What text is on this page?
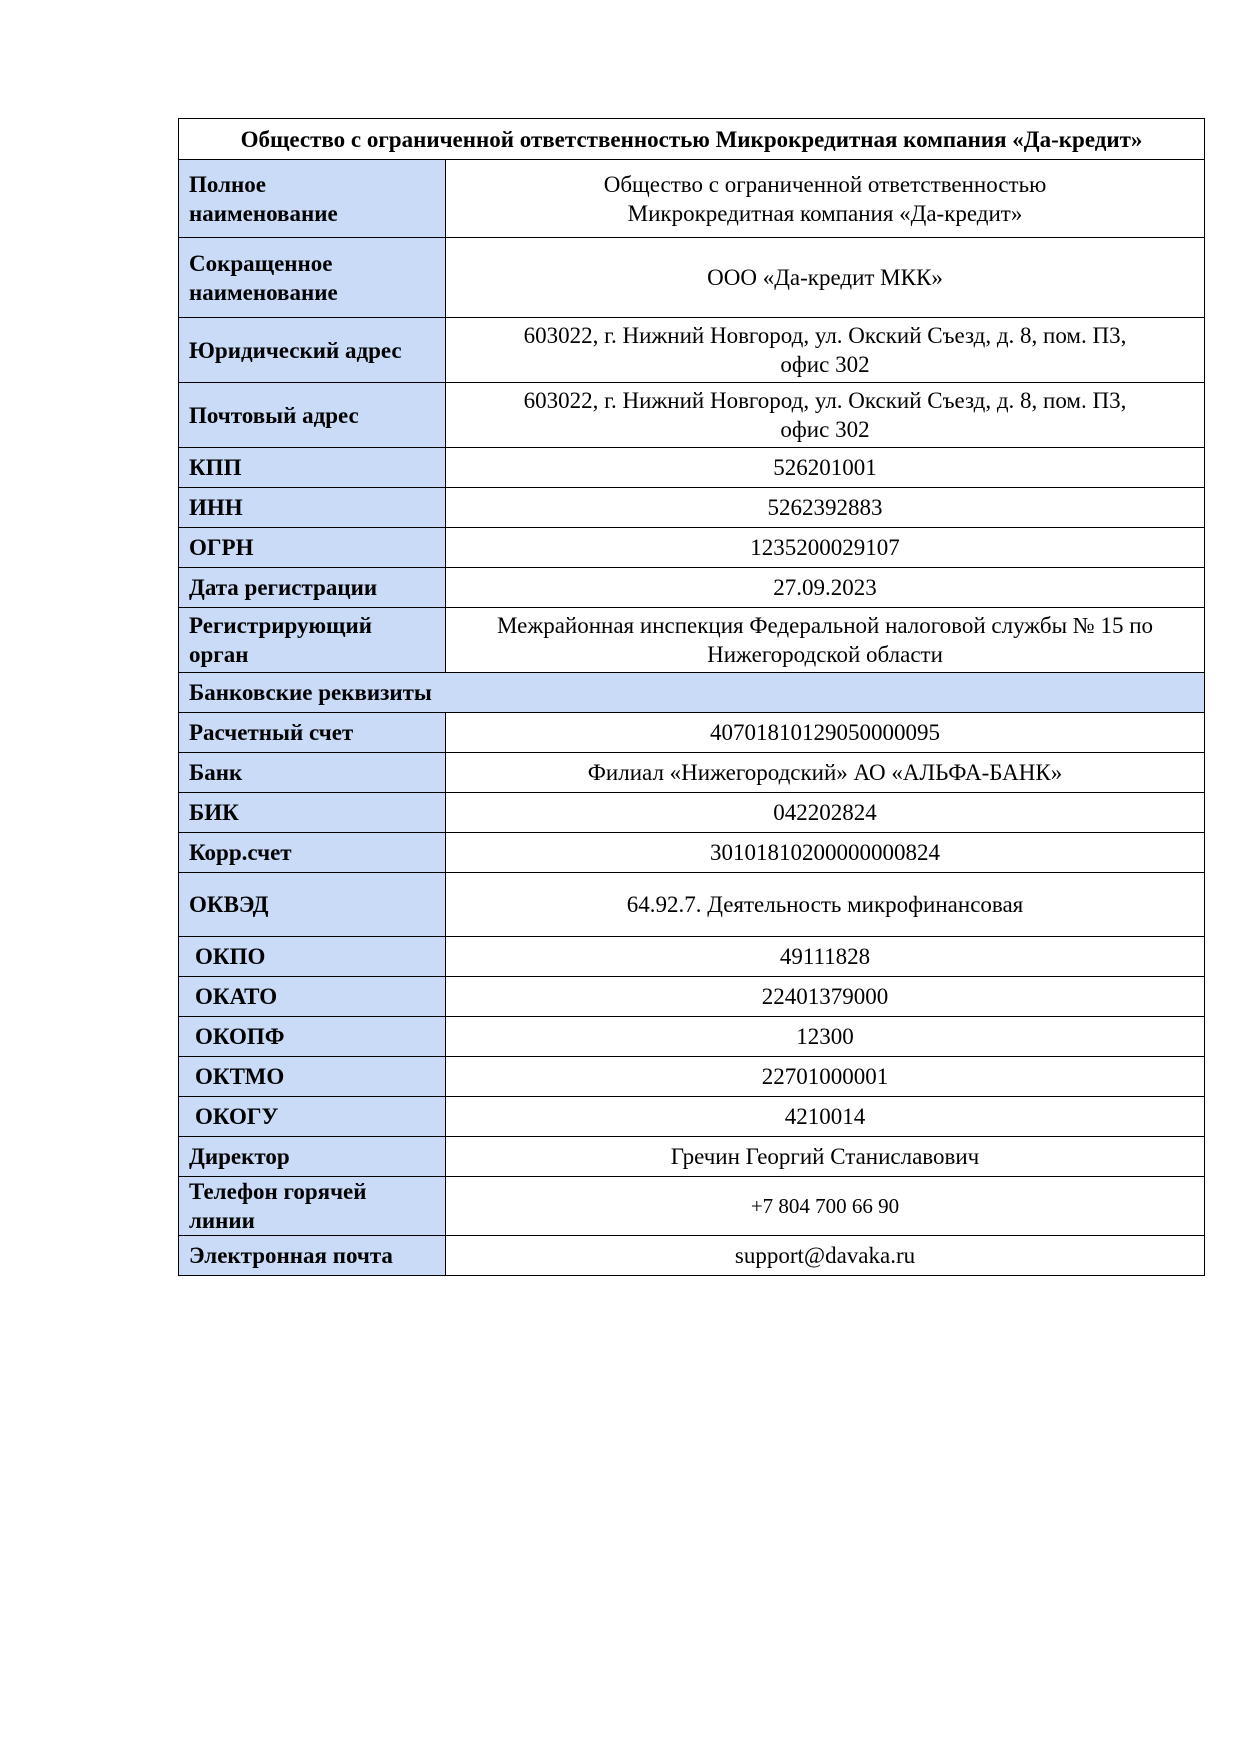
Общество с ограниченной ответственностью Микрокредитная компания «Да-кредит»	
Полное
наименование	Общество с ограниченной ответственностью
Микрокредитная компания «Да-кредит»
Сокращенное
наименование	ООО «Да-кредит МКК»
Юридический адрес	603022, г. Нижний Новгород, ул. Окский Съезд, д. 8, пом. П3,
офис 302
Почтовый адрес	603022, г. Нижний Новгород, ул. Окский Съезд, д. 8, пом. П3,
офис 302
КПП	526201001
ИНН	5262392883
ОГРН	1235200029107
Дата регистрации	27.09.2023
Регистрирующий
орган	Межрайонная инспекция Федеральной налоговой службы № 15 по
Нижегородской области
Банковские реквизиты	
Расчетный счет	40701810129050000095
Банк	Филиал «Нижегородский» АО «АЛЬФА-БАНК»
БИК	042202824
Корр.счет	30101810200000000824
ОКВЭД	64.92.7. Деятельность микрофинансовая
ОКПО	49111828
ОКАТО	22401379000
ОКОПФ	12300
ОКТМО	22701000001
ОКОГУ	4210014
Директор	Гречин Георгий Станиславович
Телефон горячей
линии	+7 804 700 66 90
Электронная почта	support@davaka.ru
